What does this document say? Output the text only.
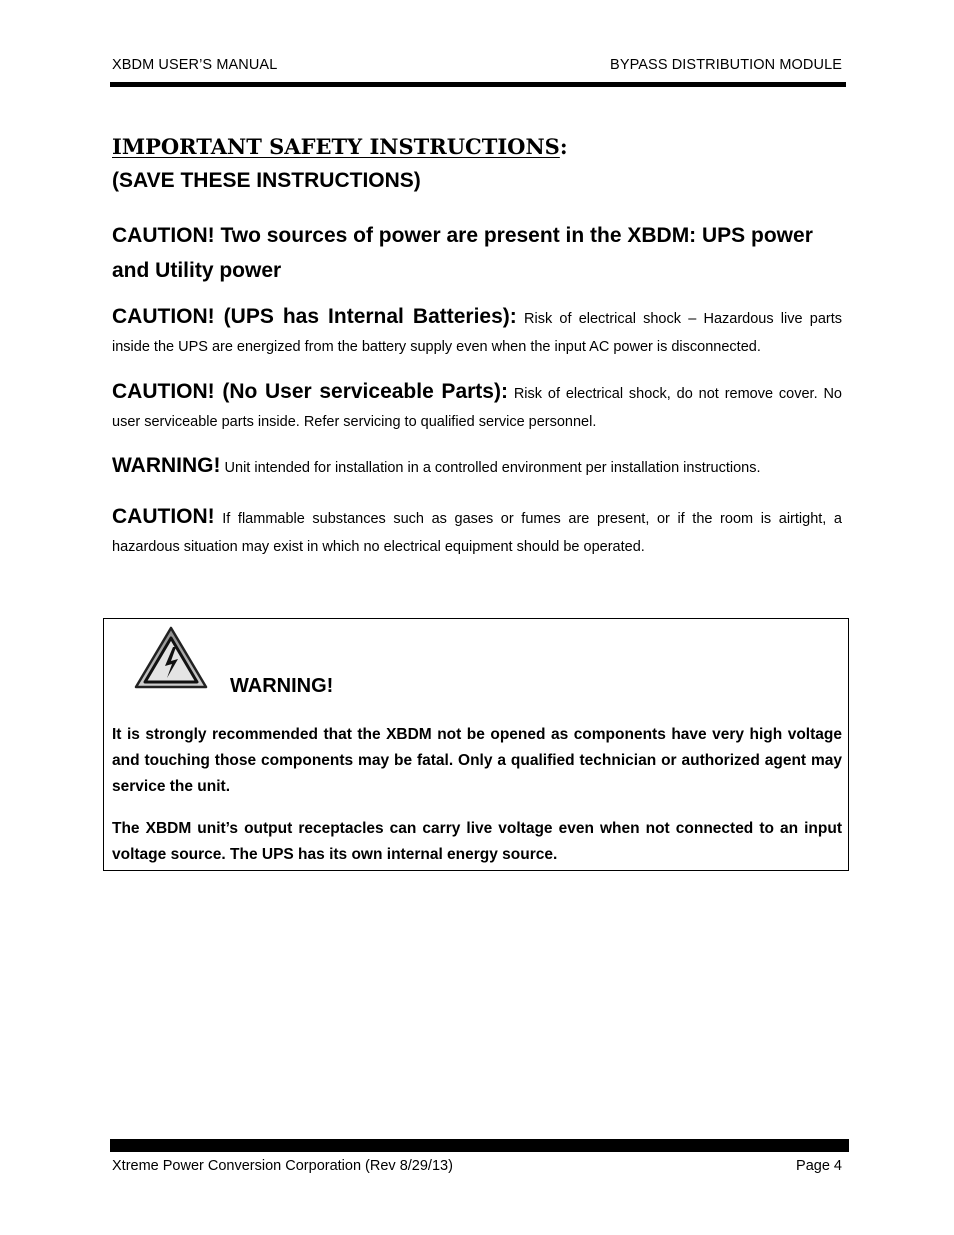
XBDM USER’S MANUAL	BYPASS DISTRIBUTION MODULE
IMPORTANT SAFETY INSTRUCTIONS:
(SAVE THESE INSTRUCTIONS)
CAUTION! Two sources of power are present in the XBDM: UPS power and Utility power
CAUTION! (UPS has Internal Batteries): Risk of electrical shock – Hazardous live parts inside the UPS are energized from the battery supply even when the input AC power is disconnected.
CAUTION! (No User serviceable Parts): Risk of electrical shock, do not remove cover. No user serviceable parts inside. Refer servicing to qualified service personnel.
WARNING! Unit intended for installation in a controlled environment per installation instructions.
CAUTION! If flammable substances such as gases or fumes are present, or if the room is airtight, a hazardous situation may exist in which no electrical equipment should be operated.
WARNING!
It is strongly recommended that the XBDM not be opened as components have very high voltage and touching those components may be fatal. Only a qualified technician or authorized agent may service the unit.
The XBDM unit’s output receptacles can carry live voltage even when not connected to an input voltage source. The UPS has its own internal energy source.
Xtreme Power Conversion Corporation (Rev 8/29/13)	Page 4
